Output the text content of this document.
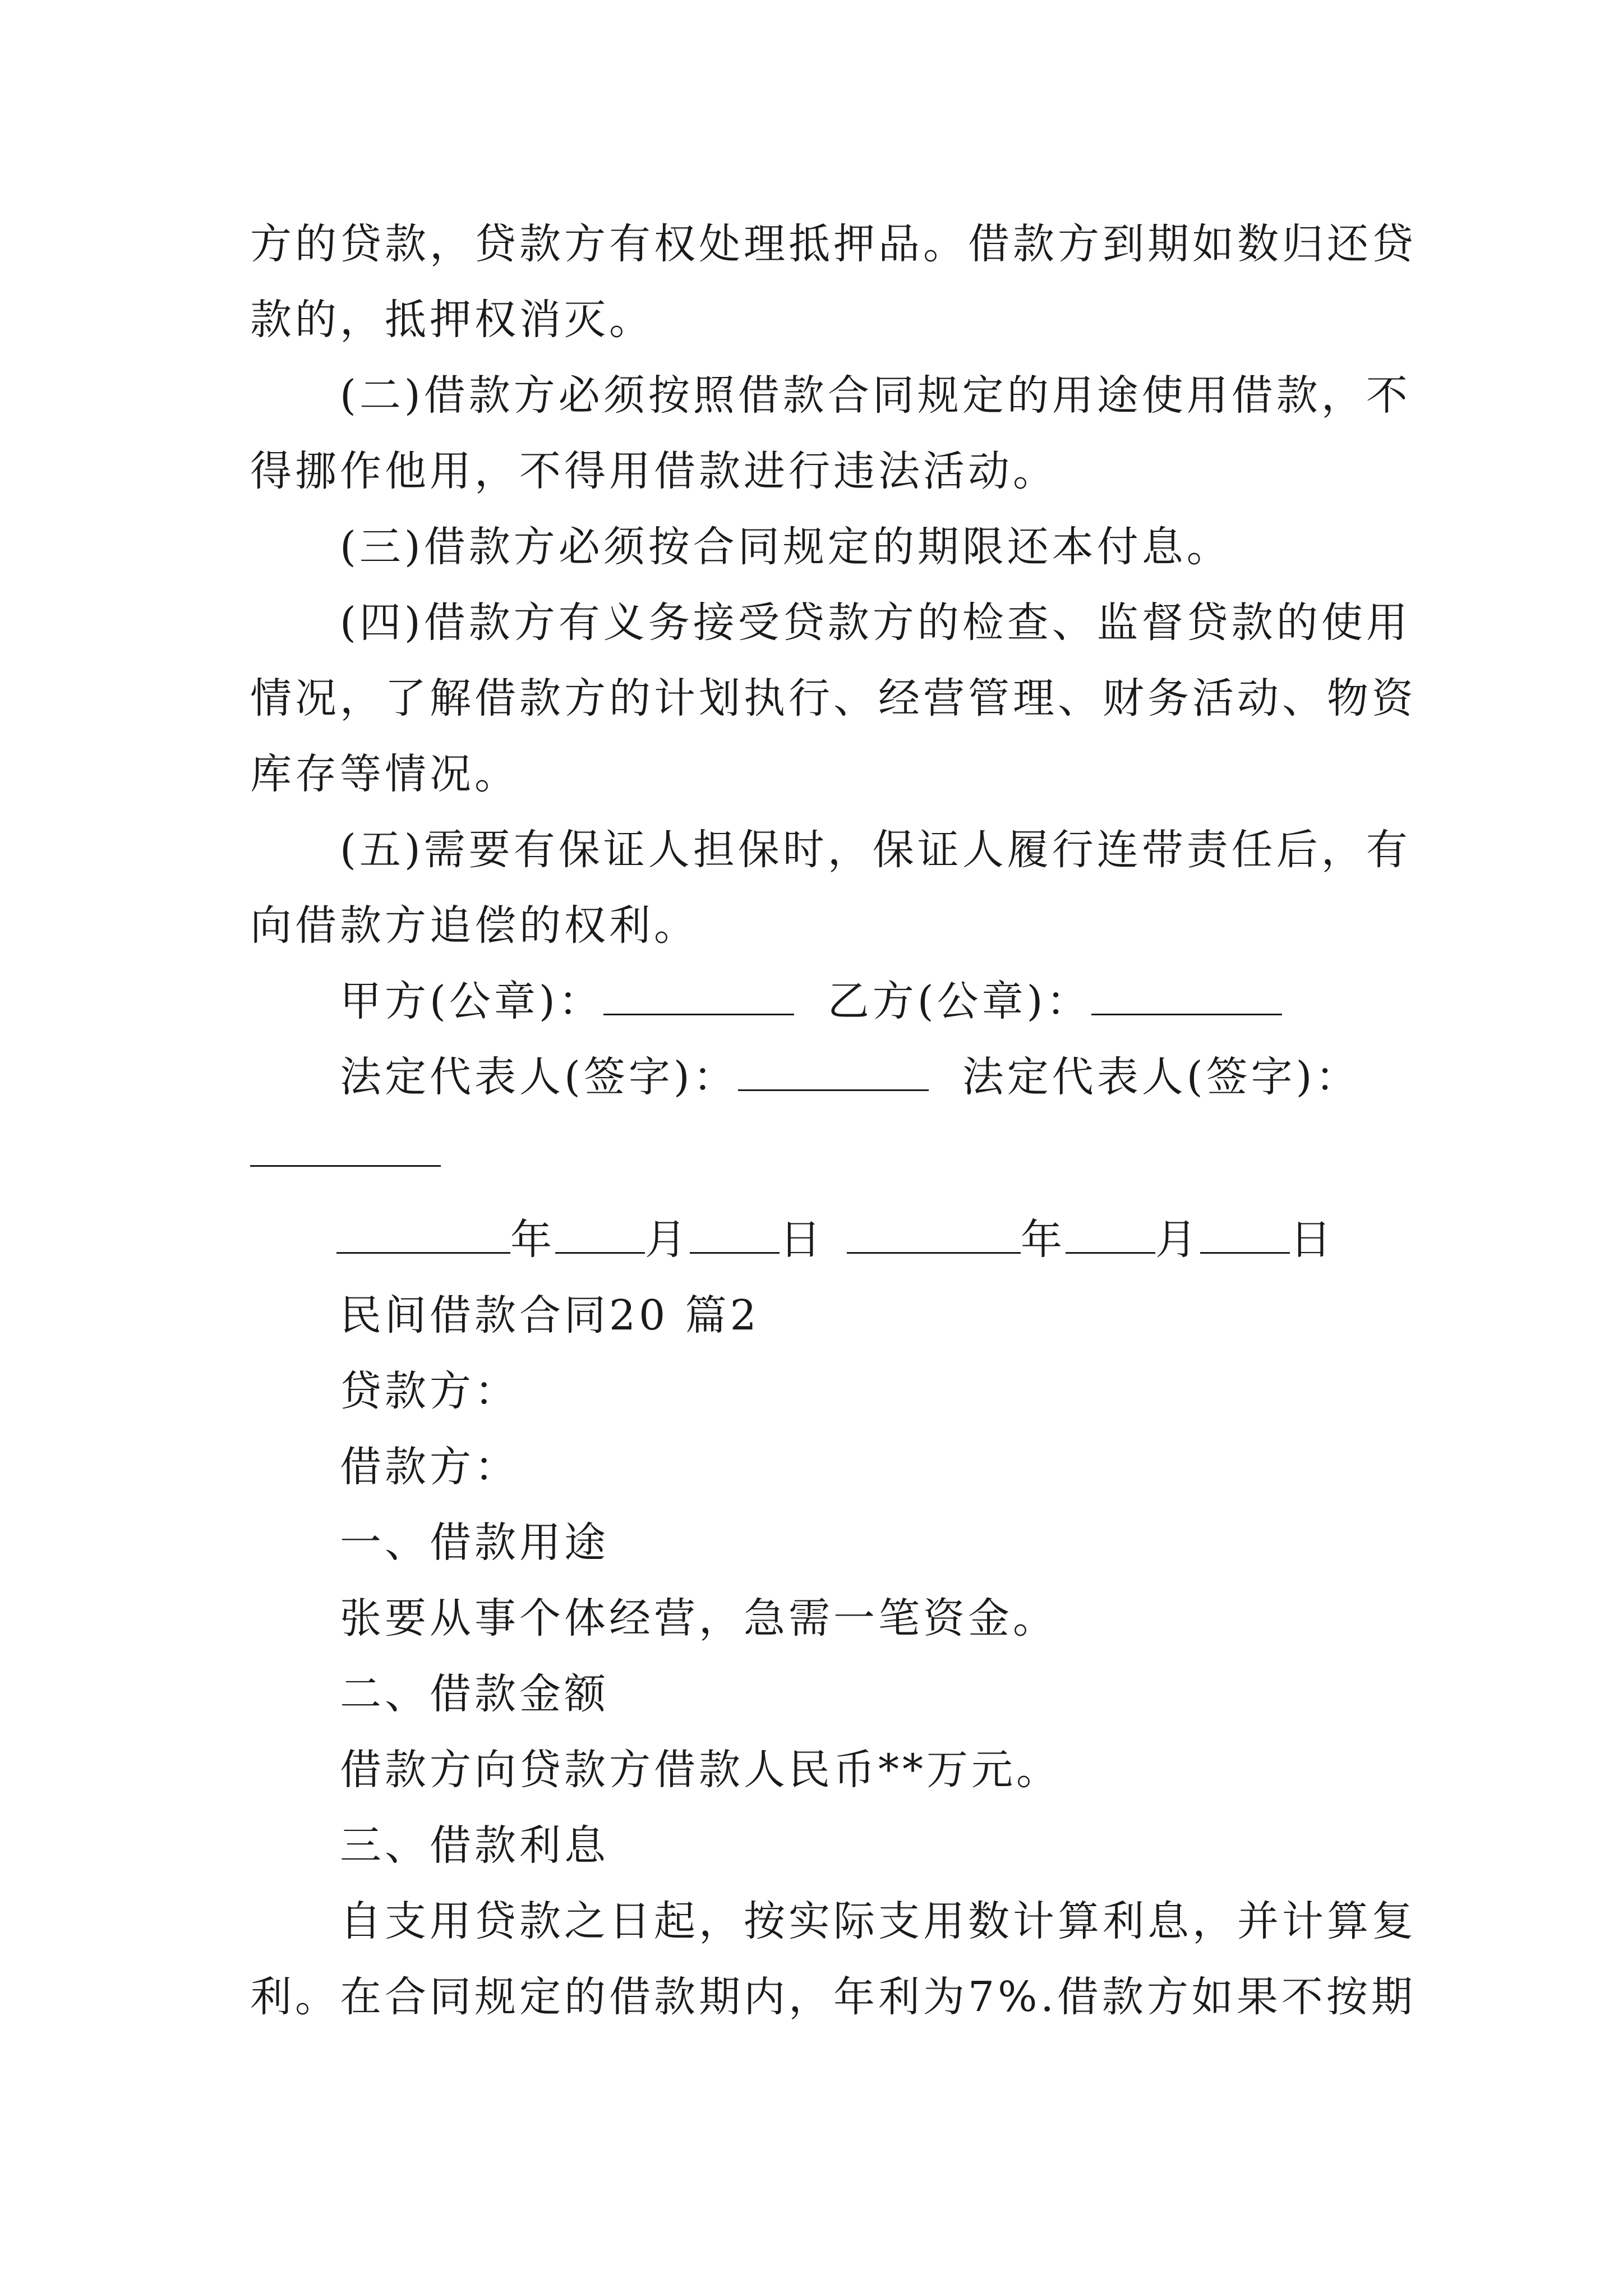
方的贷款，贷款方有权处理抵押品。借款方到期如数归还贷
款的，抵押权消灭。
(二)借款方必须按照借款合同规定的用途使用借款，不
得挪作他用，不得用借款进行违法活动。
(三)借款方必须按合同规定的期限还本付息。
(四)借款方有义务接受贷款方的检查、监督贷款的使用
情况，了解借款方的计划执行、经营管理、财务活动、物资
库存等情况。
(五)需要有保证人担保时，保证人履行连带责任后，有
向借款方追偿的权利。
甲方(公章)：	乙方(公章)：
法定代表人(签字)：	法定代表人(签字)：
年 月 日	年 月 日
民间借款合同20 篇2
贷款方：
借款方：
一、借款用途
张要从事个体经营，急需一笔资金。
二、借款金额
借款方向贷款方借款人民币**万元。
三、借款利息
自支用贷款之日起，按实际支用数计算利息，并计算复
利。在合同规定的借款期内，年利为7%.借款方如果不按期
